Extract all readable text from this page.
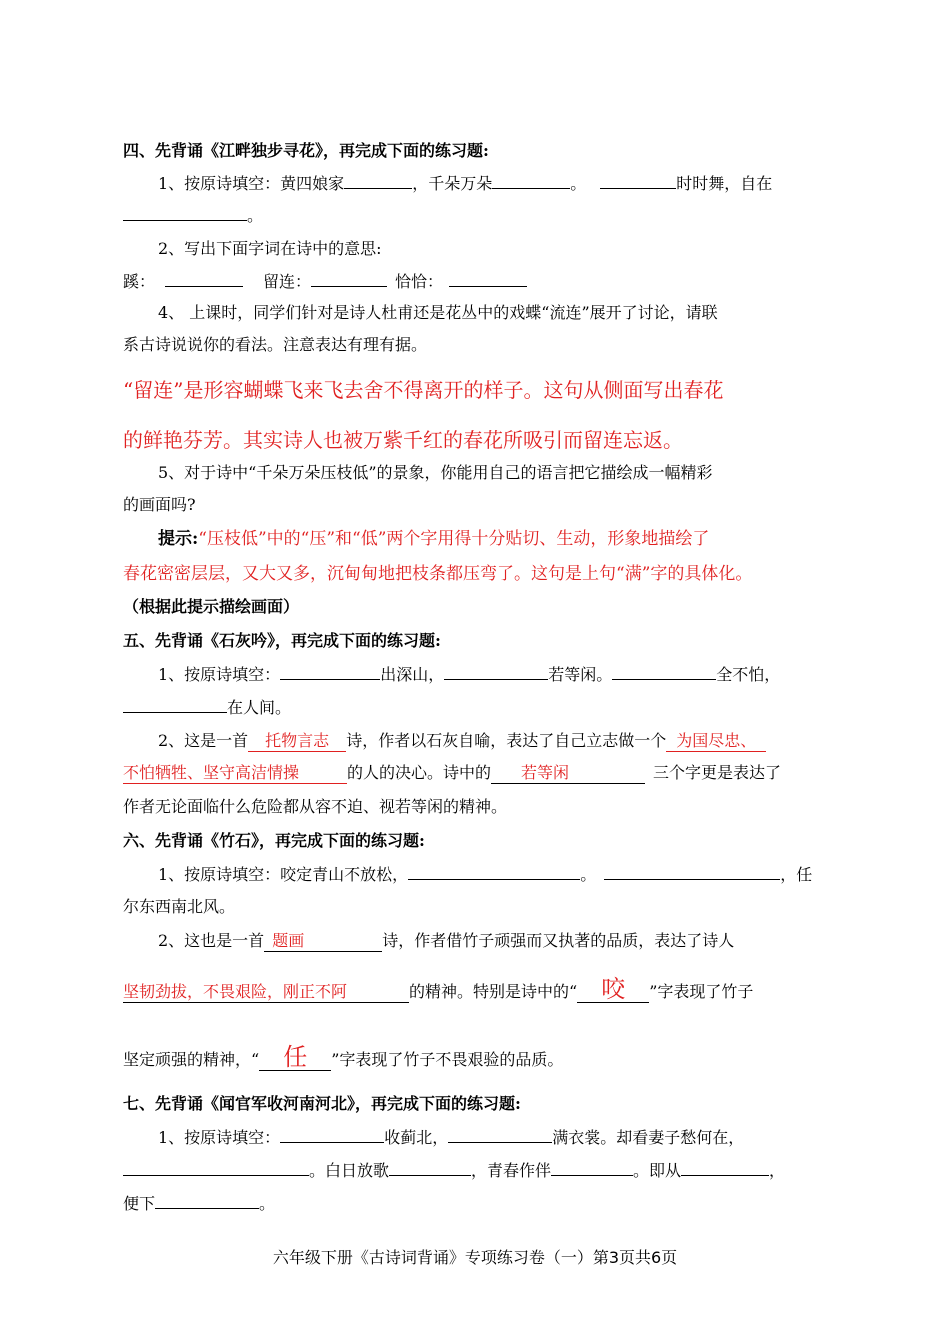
四、先背诵《江畔独步寻花》，再完成下面的练习题:
1、按原诗填空：黄四娘家	，千朵万朵	。	时时舞，自在
。
2、写出下面字词在诗中的意思:
蹊：	留连：	恰恰：
4、 上课时，同学们针对是诗人杜甫还是花丛中的戏蝶“流连”展开了讨论，请联
系古诗说说你的看法。注意表达有理有据。
“留连”是形容蝴蝶飞来飞去舍不得离开的样子。这句从侧面写出春花
的鲜艳芬芳。其实诗人也被万紫千红的春花所吸引而留连忘返。
5、对于诗中“千朵万朵压枝低”的景象，你能用自己的语言把它描绘成一幅精彩
的画面吗?
提示:“压枝低”中的“压”和“低”两个字用得十分贴切、生动，形象地描绘了
春花密密层层，又大又多，沉甸甸地把枝条都压弯了。这句是上句“满”字的具体化。
（根据此提示描绘画面）
五、先背诵《石灰吟》，再完成下面的练习题:
1、按原诗填空：	出深山，	若等闲。	全不怕，
在人间。
2、这是一首 托物言志 诗，作者以石灰自喻，表达了自己立志做一个 为国尽忠、
不怕牺牲、坚守高洁情操	的人的决心。诗中的 若等闲	三个字更是表达了
作者无论面临什么危险都从容不迫、视若等闲的精神。
六、先背诵《竹石》，再完成下面的练习题:
1、按原诗填空：咬定青山不放松，	。	，任
尔东西南北风。
2、这也是一首 题画	诗，作者借竹子顽强而又执著的品质，表达了诗人
坚韧劲拔，不畏艰险，刚正不阿	的精神。特别是诗中的“ 咬 ”字表现了竹子
坚定顽强的精神，“ 任 ”字表现了竹子不畏艰验的品质。
七、先背诵《闻官军收河南河北》，再完成下面的练习题:
1、按原诗填空：	收蓟北，	满衣裳。却看妻子愁何在，
。白日放歌	，青春作伴	。即从	，
便下	。
六年级下册《古诗词背诵》专项练习卷（一）第3页共6页
